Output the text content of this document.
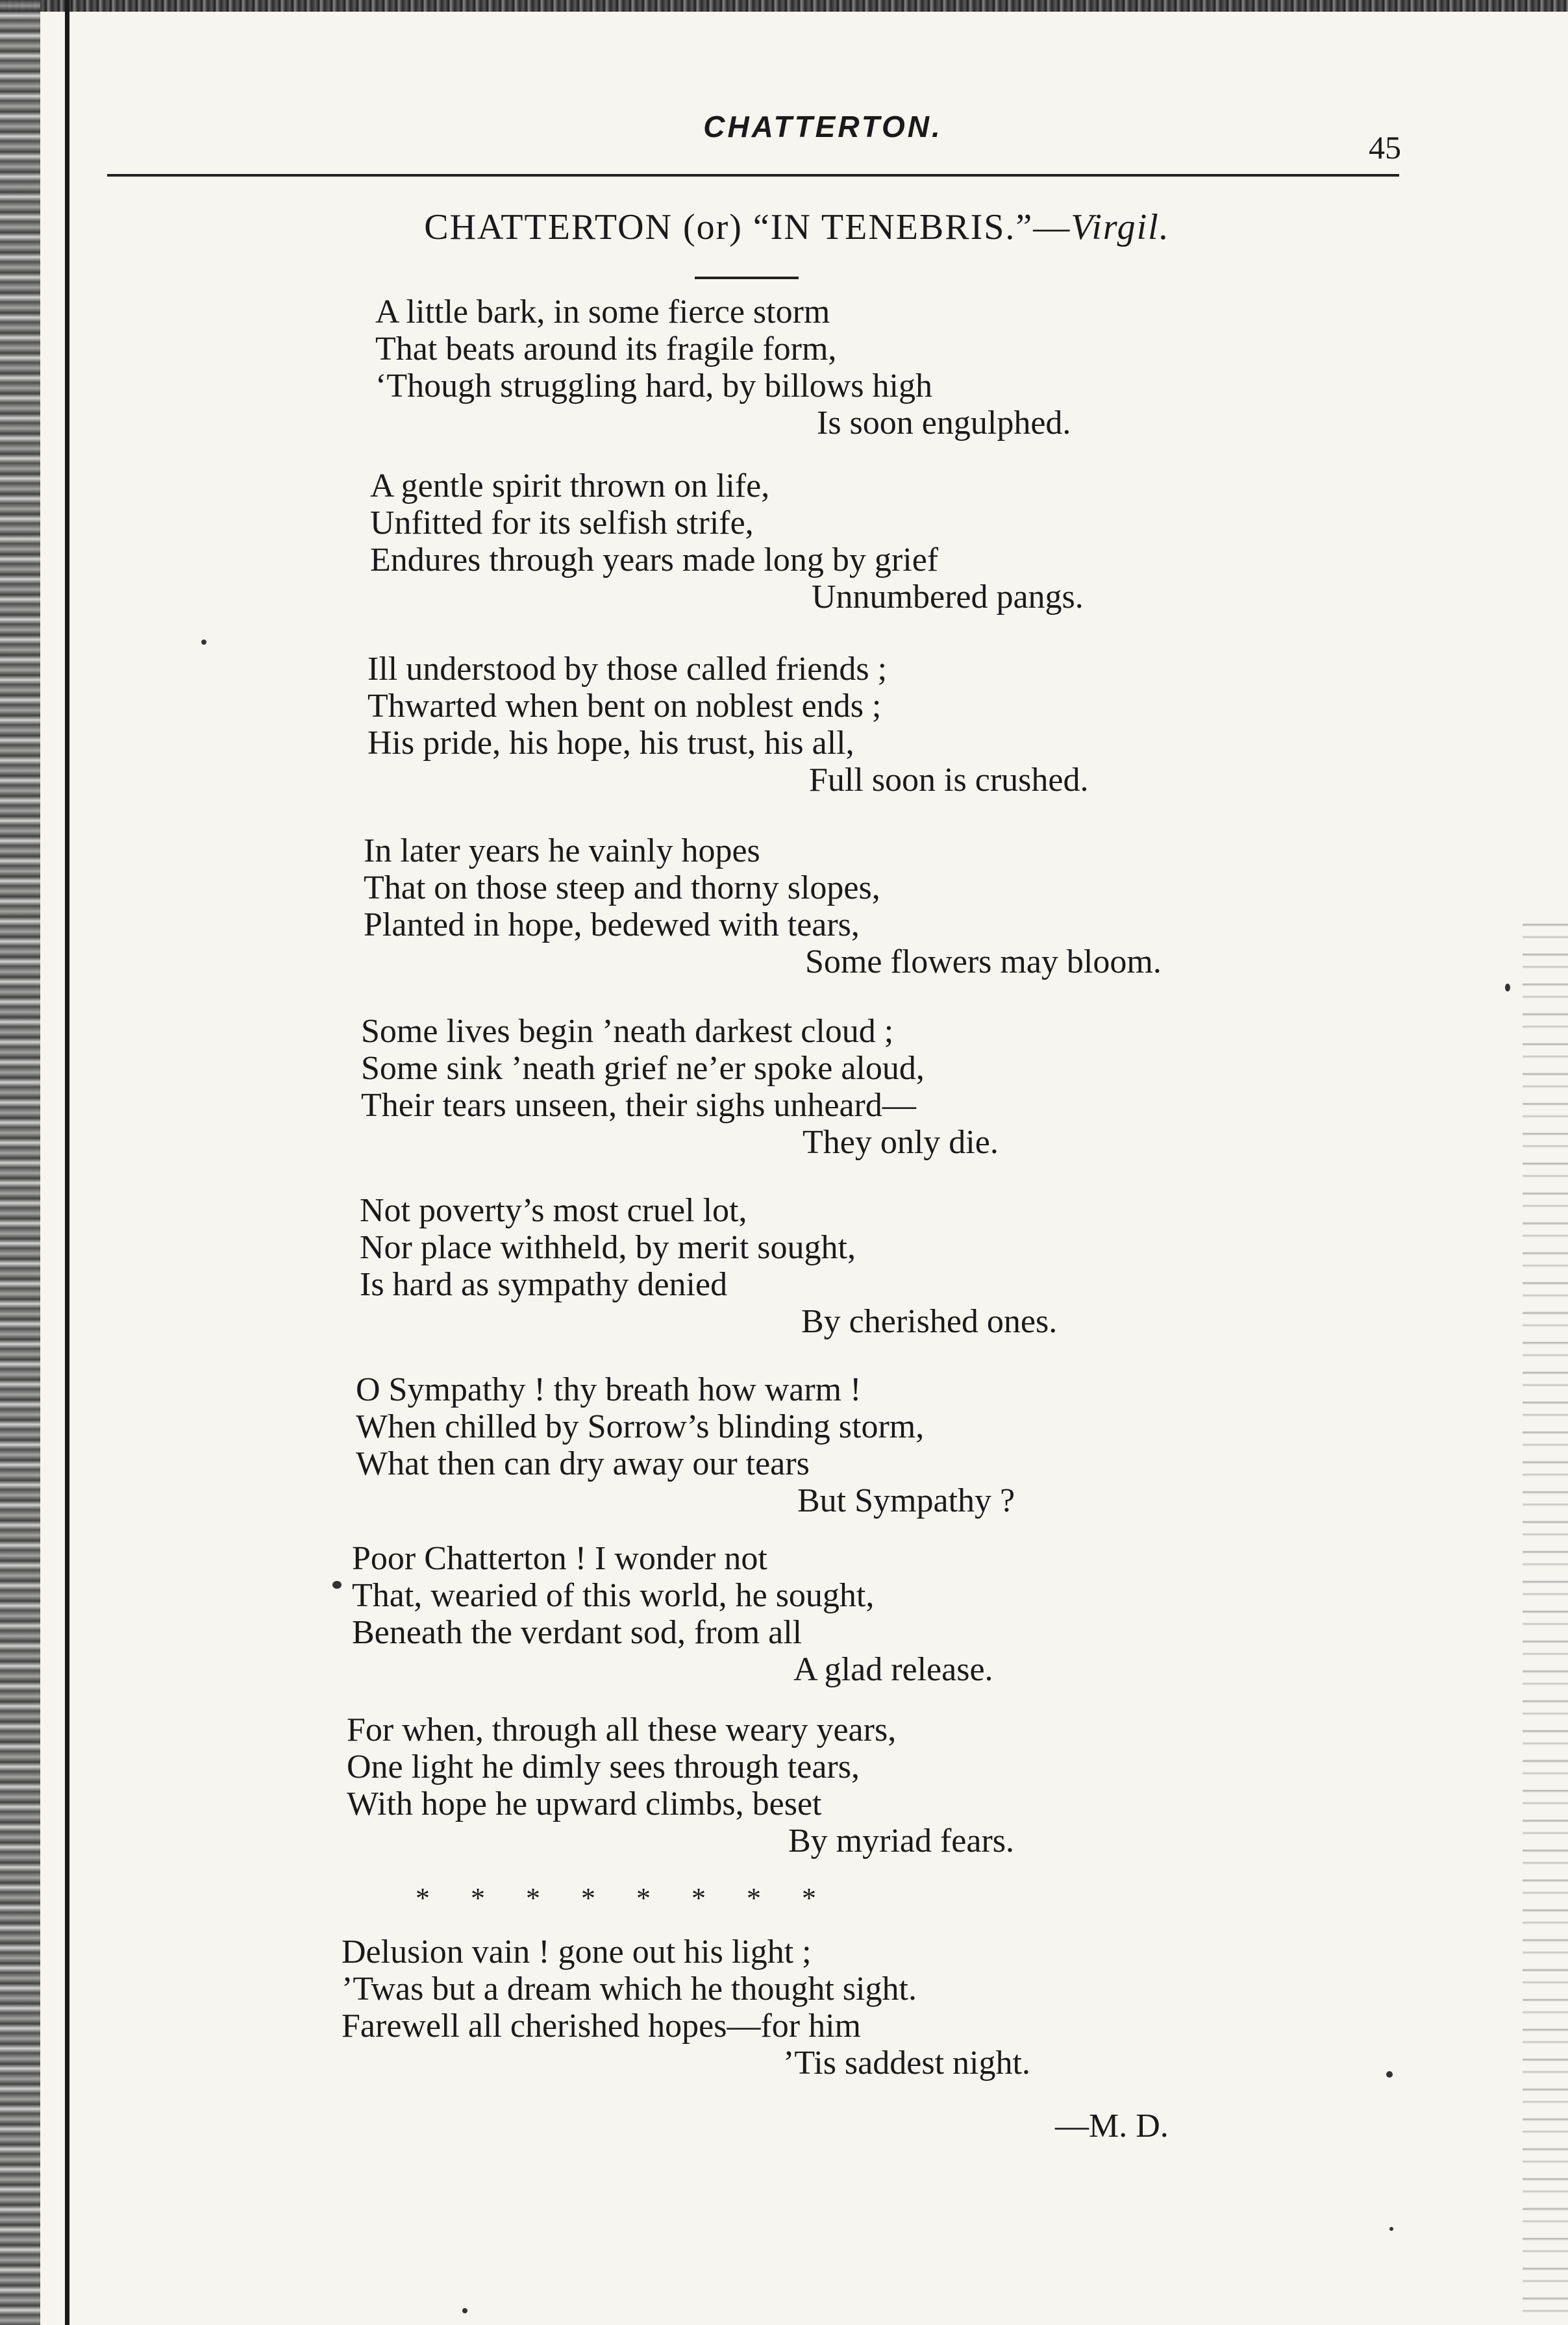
CHATTERTON.
45
CHATTERTON (or) “IN TENEBRIS.”—Virgil.
A little bark, in some fierce storm
That beats around its fragile form,
‘Though struggling hard, by billows high
Is soon engulphed.
A gentle spirit thrown on life,
Unfitted for its selfish strife,
Endures through years made long by grief
Unnumbered pangs.
Ill understood by those called friends ;
Thwarted when bent on noblest ends ;
His pride, his hope, his trust, his all,
Full soon is crushed.
In later years he vainly hopes
That on those steep and thorny slopes,
Planted in hope, bedewed with tears,
Some flowers may bloom.
Some lives begin ’neath darkest cloud ;
Some sink ’neath grief ne’er spoke aloud,
Their tears unseen, their sighs unheard—
They only die.
Not poverty’s most cruel lot,
Nor place withheld, by merit sought,
Is hard as sympathy denied
By cherished ones.
O Sympathy ! thy breath how warm !
When chilled by Sorrow’s blinding storm,
What then can dry away our tears
But Sympathy ?
Poor Chatterton ! I wonder not
That, wearied of this world, he sought,
Beneath the verdant sod, from all
A glad release.
For when, through all these weary years,
One light he dimly sees through tears,
With hope he upward climbs, beset
By myriad fears.
Delusion vain ! gone out his light ;
’Twas but a dream which he thought sight.
Farewell all cherished hopes—for him
’Tis saddest night.
* * * * * * * *
—M. D.
